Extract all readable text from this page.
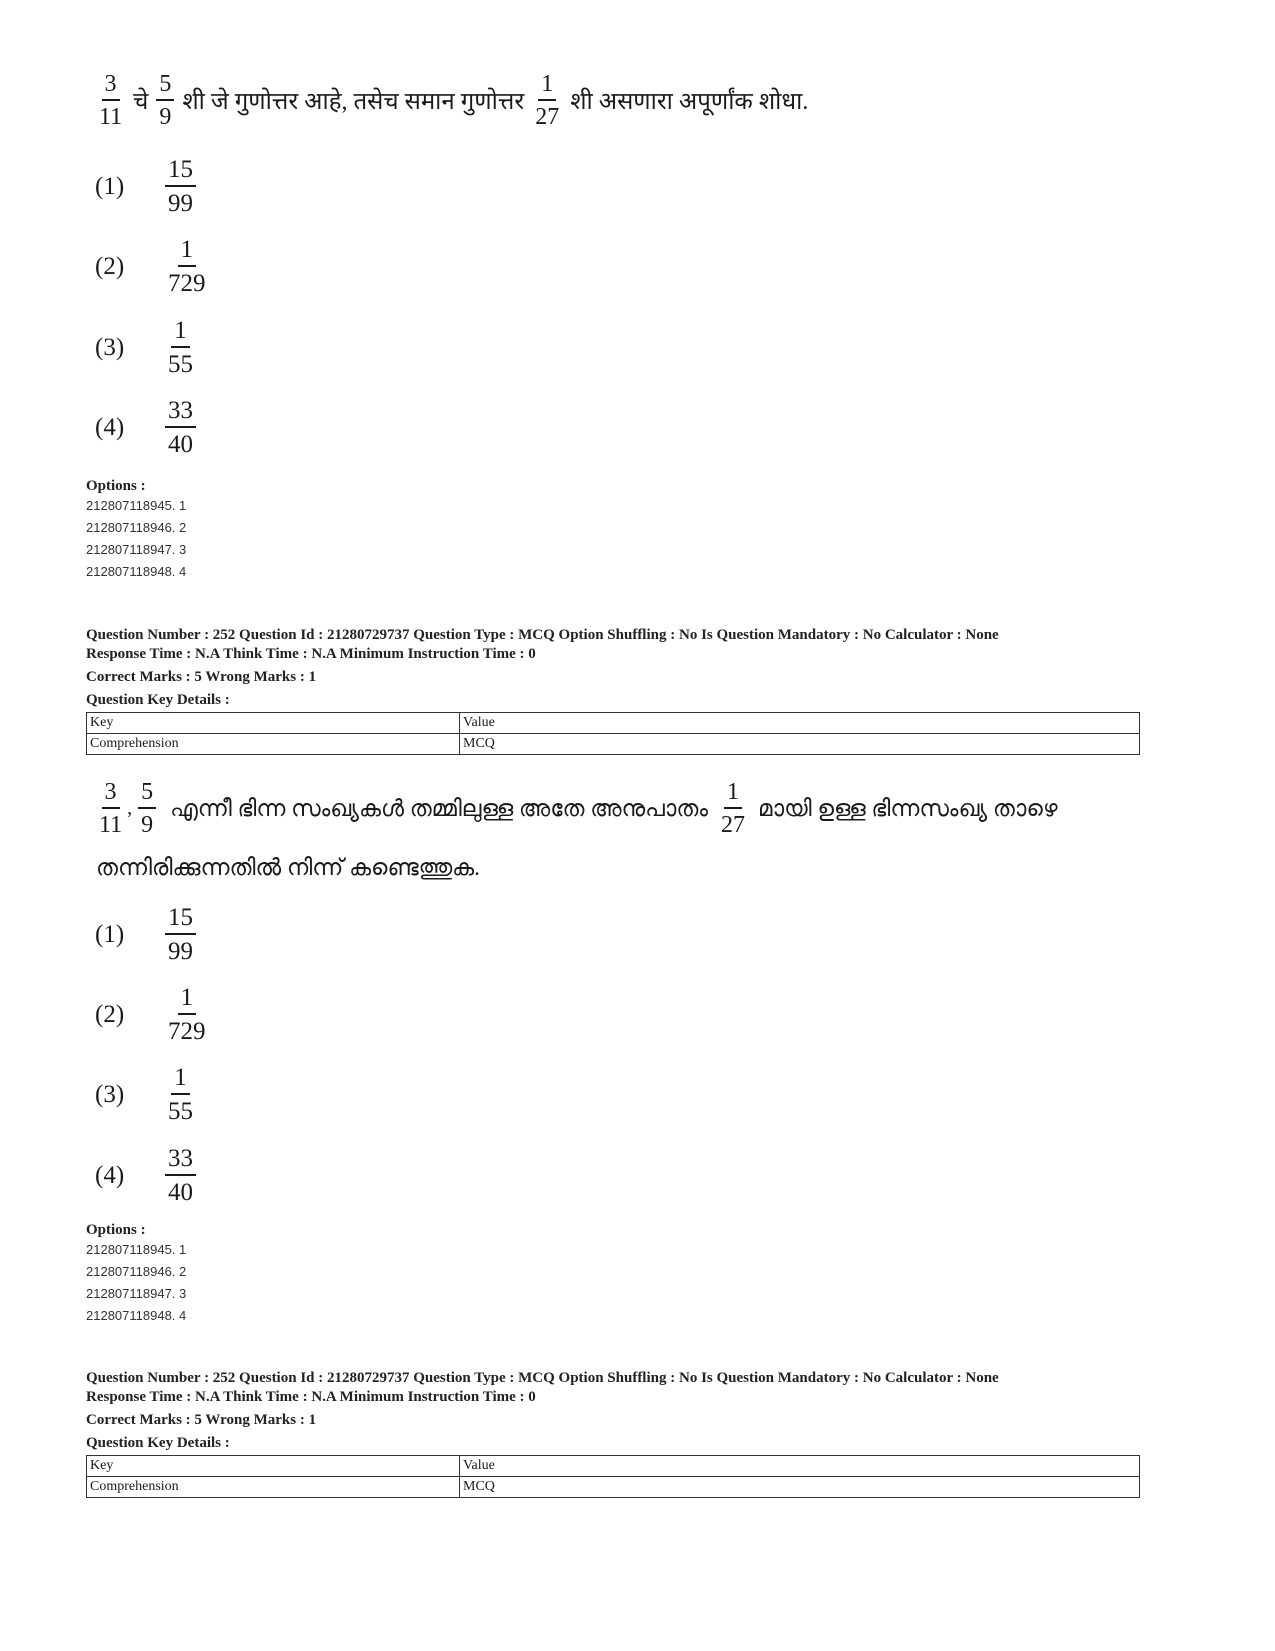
$\frac{3}{11}$ चे $\frac{5}{9}$ शी जे गुणोत्तर आहे, तसेच समान गुणोत्तर $\frac{1}{27}$ शी असणारा अपूर्णांक शोधा.
(1)	$\frac{15}{99}$
(2)	$\frac{1}{729}$
(3)	$\frac{1}{55}$
(4)	$\frac{33}{40}$
Options :
212807118945. 1
212807118946. 2
212807118947. 3
212807118948. 4
Question Number : 252 Question Id : 21280729737 Question Type : MCQ Option Shuffling : No Is Question Mandatory : No Calculator : None
Response Time : N.A Think Time : N.A Minimum Instruction Time : 0
Correct Marks : 5 Wrong Marks : 1
Question Key Details :
Key	Value
Comprehension	MCQ
$\frac{3}{11}$ , $\frac{5}{9}$ എന്നീ ഭിന്ന സംഖ്യകൾ തമ്മിലുള്ള അതേ അനുപാതം $\frac{1}{27}$ മായി ഉള്ള ഭിന്നസംഖ്യ താഴെ
തന്നിരിക്കുന്നതിൽ നിന്ന് കണ്ടെത്തുക.
(1)	$\frac{15}{99}$
(2)	$\frac{1}{729}$
(3)	$\frac{1}{55}$
(4)	$\frac{33}{40}$
Options :
212807118945. 1
212807118946. 2
212807118947. 3
212807118948. 4
Question Number : 252 Question Id : 21280729737 Question Type : MCQ Option Shuffling : No Is Question Mandatory : No Calculator : None
Response Time : N.A Think Time : N.A Minimum Instruction Time : 0
Correct Marks : 5 Wrong Marks : 1
Question Key Details :
Key	Value
Comprehension	MCQ
